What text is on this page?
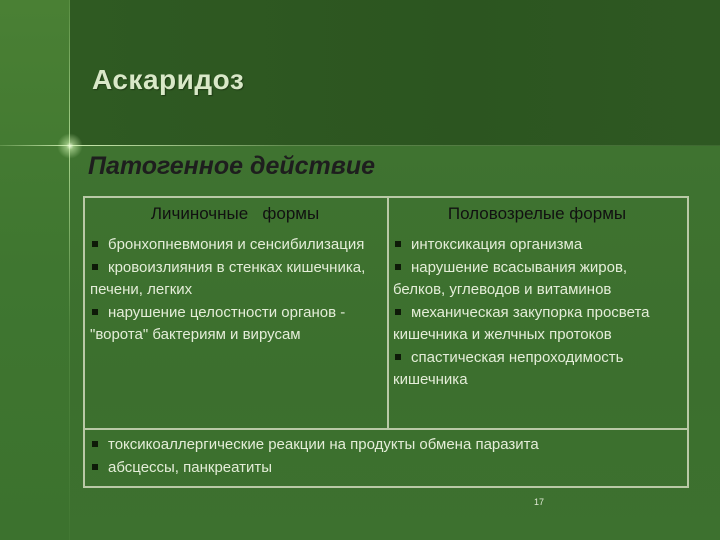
Аскаридоз
Патогенное действие
Личиночные   формы	Половозрелые формы

бронхопневмония и сенсибилизация

кровоизлияния в стенках кишечника, печени, легких

нарушение целостности органов - "ворота" бактериям и вирусам

интоксикация организма

нарушение всасывания жиров, белков, углеводов и витаминов

механическая закупорка просвета кишечника и желчных протоков

спастическая непроходимость кишечника

токсикоаллергические реакции на продукты обмена паразита

абсцессы, панкреатиты

17
